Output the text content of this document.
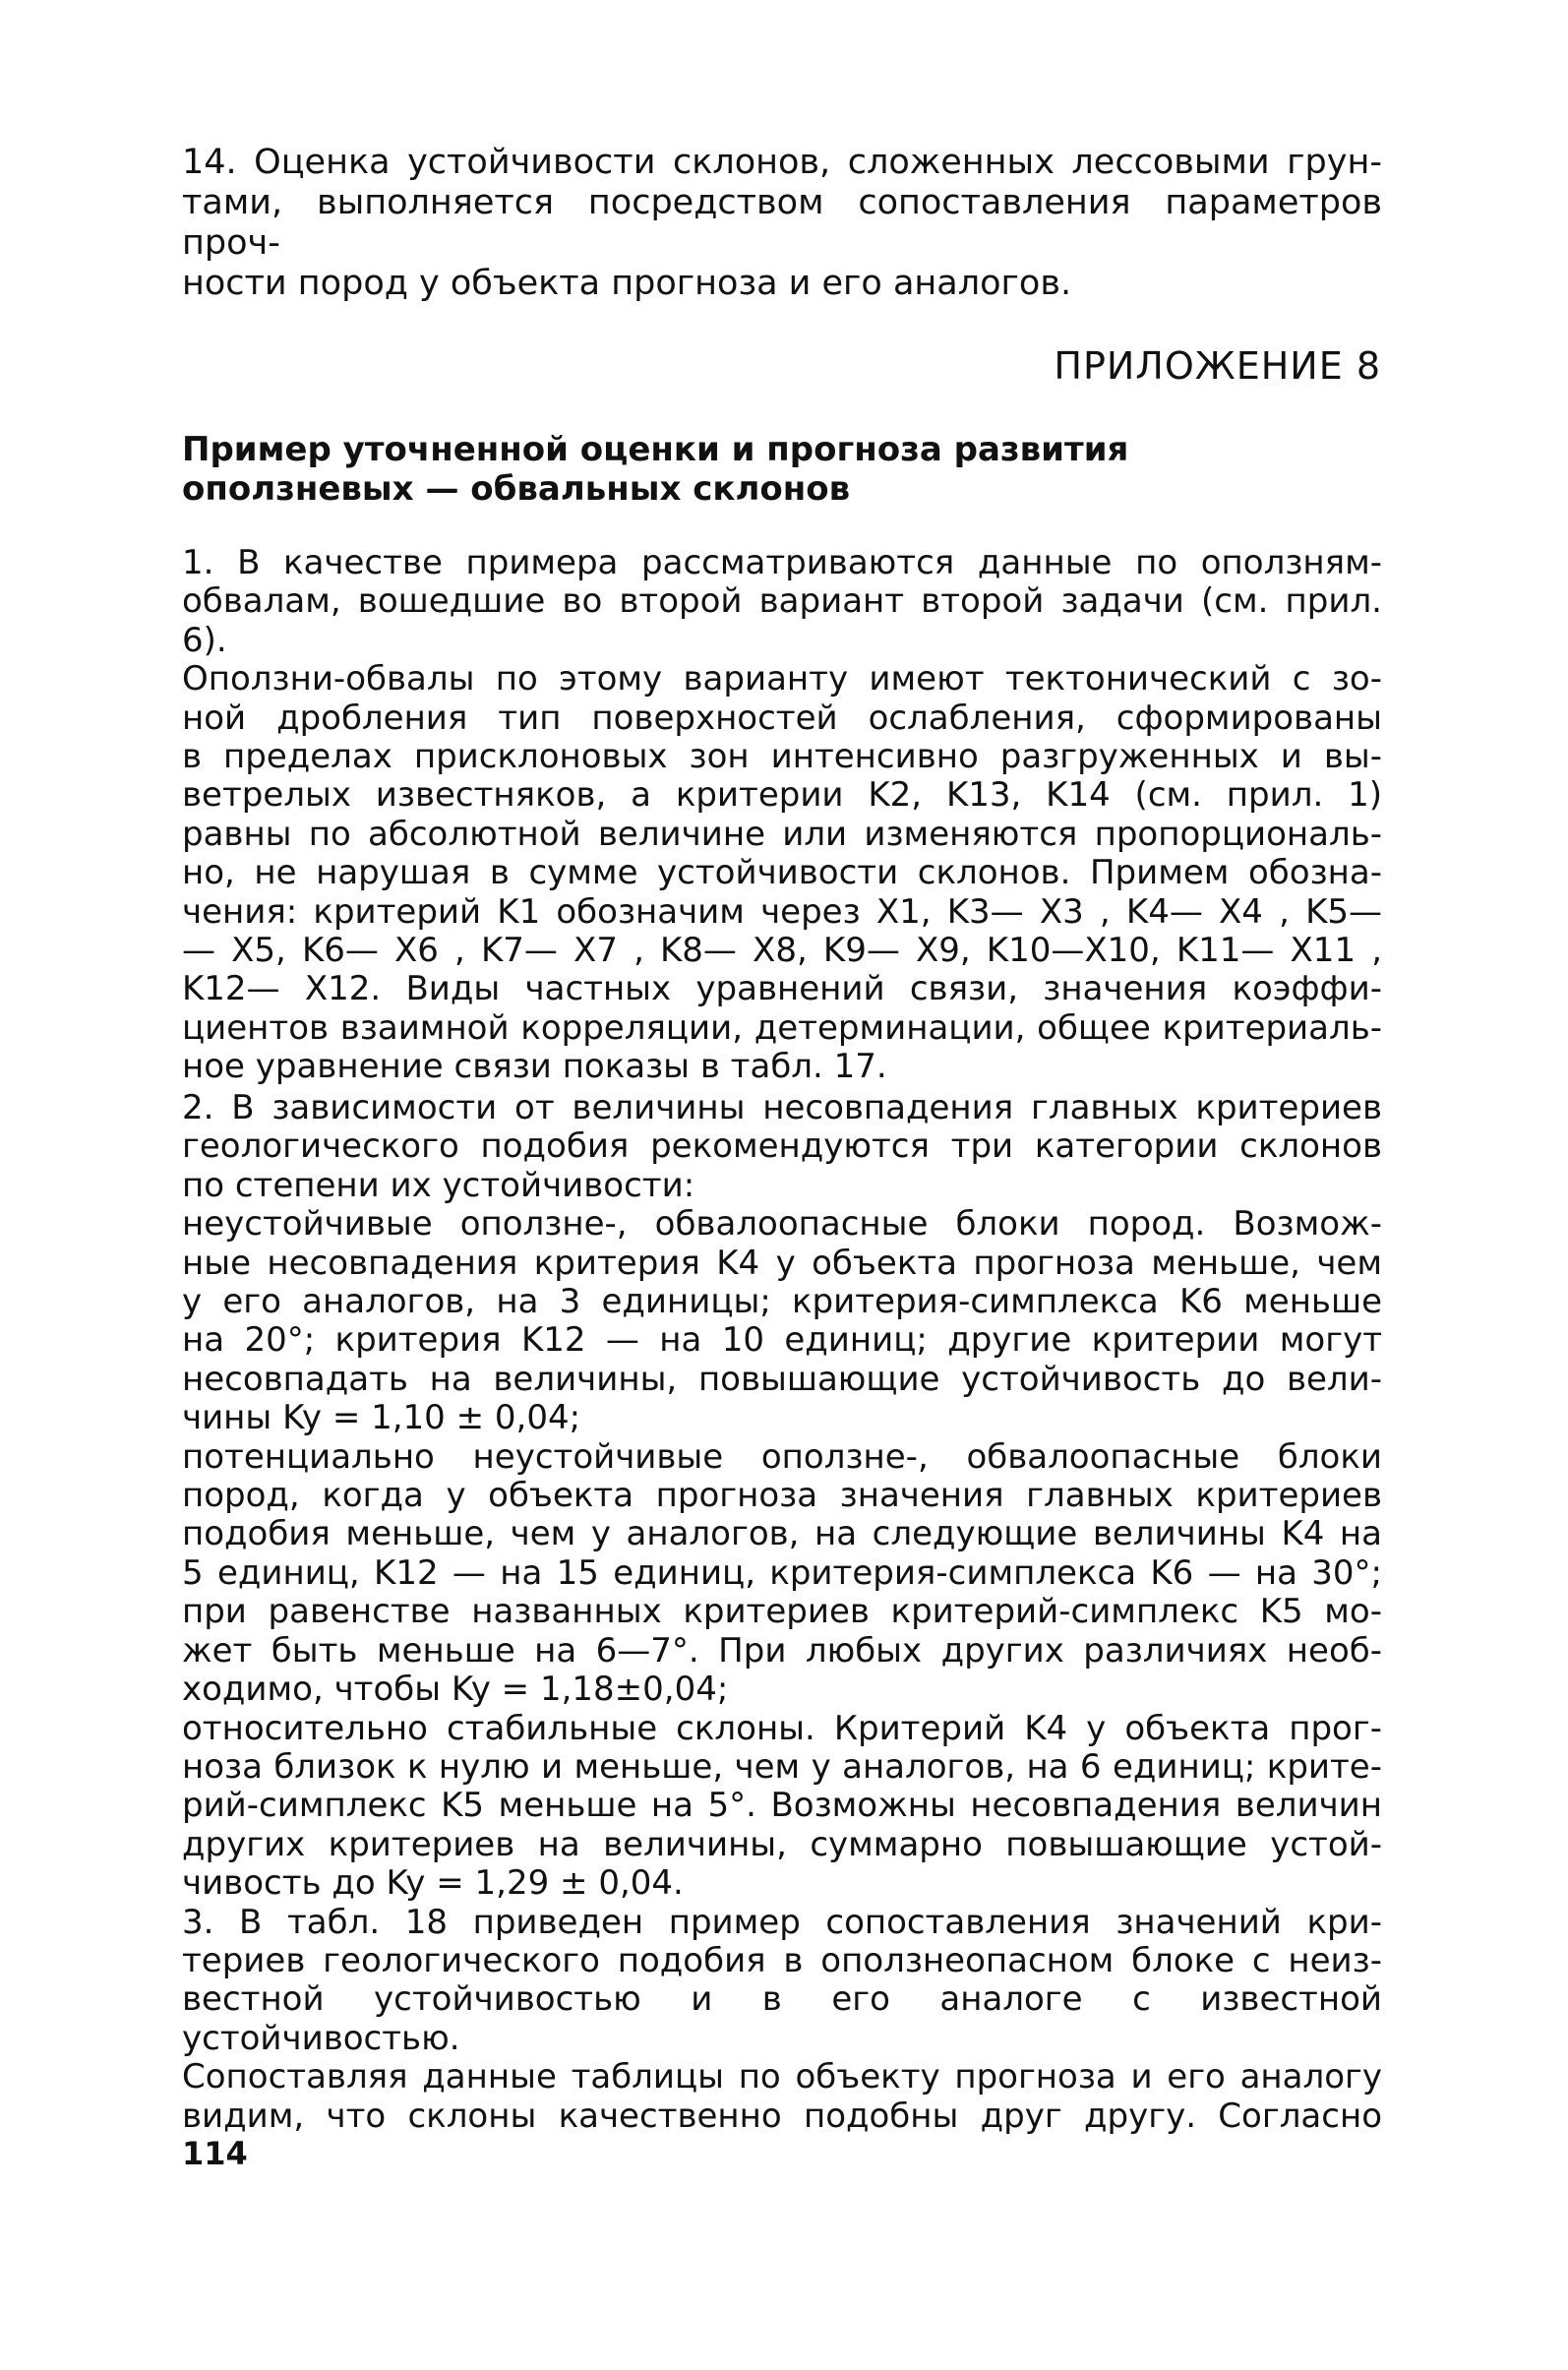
14. Оценка устойчивости склонов, сложенных лессовыми грун-
тами, выполняется посредством сопоставления параметров проч-
ности пород у объекта прогноза и его аналогов.
ПРИЛОЖЕНИЕ 8
Пример уточненной оценки и прогноза развития
оползневых — обвальных склонов
1. В качестве примера рассматриваются данные по оползням-
обвалам, вошедшие во второй вариант второй задачи (см. прил. 6).
Оползни-обвалы по этому варианту имеют тектонический с зо-
ной дробления тип поверхностей ослабления, сформированы
в пределах присклоновых зон интенсивно разгруженных и вы-
ветрелых известняков, а критерии K2, K13, K14 (см. прил. 1)
равны по абсолютной величине или изменяются пропорциональ-
но, не нарушая в сумме устойчивости склонов. Примем обозна-
чения: критерий K1 обозначим через X1, K3— X3 , K4— X4 , K5—
— X5, K6— X6 , K7— X7 , K8— X8, K9— X9, K10—X10, K11— X11 ,
K12— X12. Виды частных уравнений связи, значения коэффи-
циентов взаимной корреляции, детерминации, общее критериаль-
ное уравнение связи показы в табл. 17.
2. В зависимости от величины несовпадения главных критериев
геологического подобия рекомендуются три категории склонов
по степени их устойчивости:
неустойчивые оползне-, обвалоопасные блоки пород. Возмож-
ные несовпадения критерия K4 у объекта прогноза меньше, чем
у его аналогов, на 3 единицы; критерия-симплекса K6 меньше
на 20°; критерия K12 — на 10 единиц; другие критерии могут
несовпадать на величины, повышающие устойчивость до вели-
чины Ky = 1,10 ± 0,04;
потенциально неустойчивые оползне-, обвалоопасные блоки
пород, когда у объекта прогноза значения главных критериев
подобия меньше, чем у аналогов, на следующие величины K4 на
5 единиц, K12 — на 15 единиц, критерия-симплекса K6 — на 30°;
при равенстве названных критериев критерий-симплекс K5 мо-
жет быть меньше на 6—7°. При любых других различиях необ-
ходимо, чтобы Ky = 1,18±0,04;
относительно стабильные склоны. Критерий K4 у объекта прог-
ноза близок к нулю и меньше, чем у аналогов, на 6 единиц; крите-
рий-симплекс K5 меньше на 5°. Возможны несовпадения величин
других критериев на величины, суммарно повышающие устой-
чивость до Ky = 1,29 ± 0,04.
3. В табл. 18 приведен пример сопоставления значений кри-
териев геологического подобия в оползнеопасном блоке с неиз-
вестной устойчивостью и в его аналоге с известной устойчивостью.
Сопоставляя данные таблицы по объекту прогноза и его аналогу
видим, что склоны качественно подобны друг другу. Согласно
114
